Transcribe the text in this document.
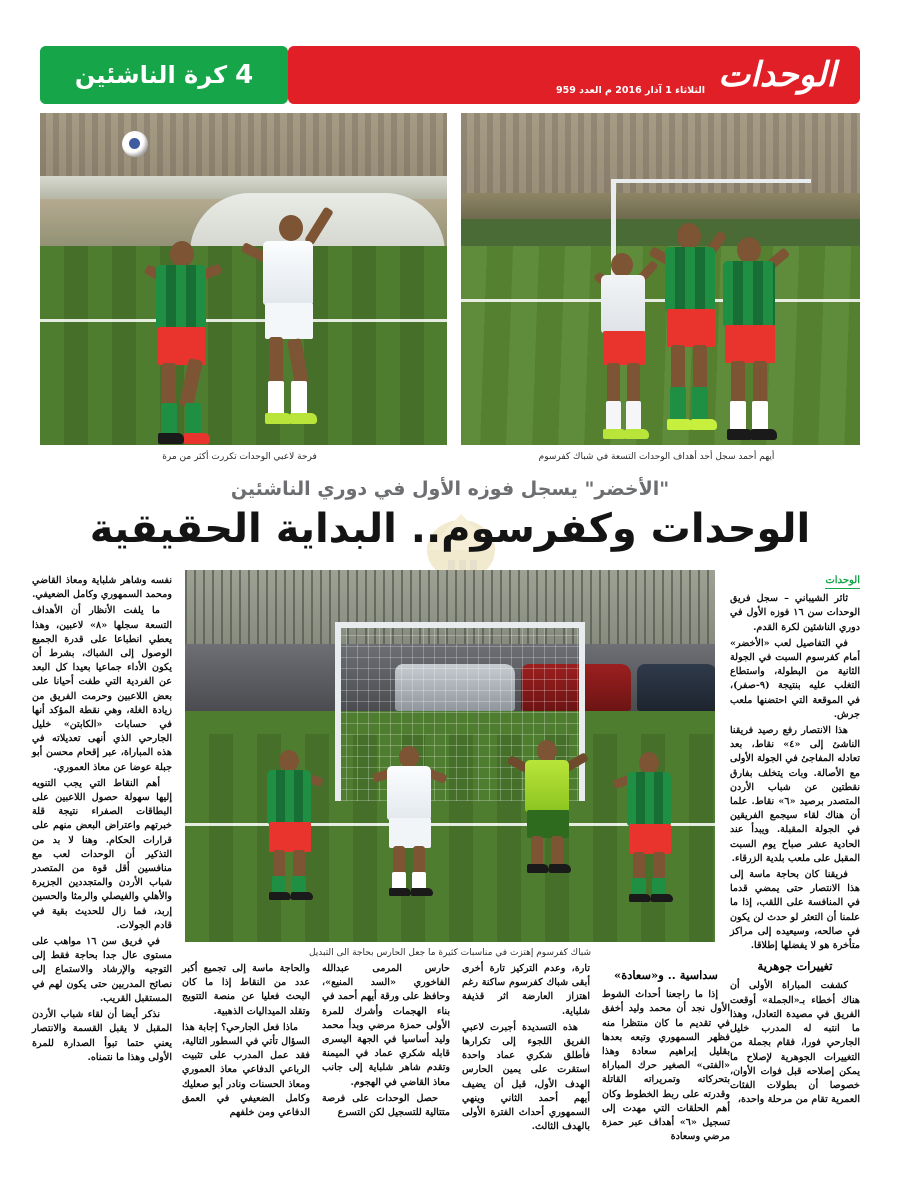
الوحدات
الثلاثاء 1 آذار 2016 م العدد 959
4
كرة الناشئين
فرحة لاعبي الوحدات تكررت أكثر من مرة	أيهم أحمد سجل أحد أهداف الوحدات التسعة في شباك كفرسوم
"الأخضر" يسجل فوزه الأول في دوري الناشئين
الوحدات وكفرسوم.. البداية الحقيقية
شباك كفرسوم إهتزت في مناسبات كثيرة ما جعل الحارس بحاجة الى التبديل
الوحدات

ثائر الشيباني – سجل فريق الوحدات سن ١٦ فوزه الأول في دوري الناشئين لكرة القدم.

في التفاصيل لعب «الأخضر» أمام كفرسوم السبت في الجولة الثانية من البطولة، واستطاع التغلب عليه بنتيجة (٩-صفر)، في الموقعة التي احتضنها ملعب جرش.

هذا الانتصار رفع رصيد فريقنا الناشئ إلى «٤» نقاط، بعد تعادله المفاجئ في الجولة الأولى مع الأصالة. وبات يتخلف بفارق نقطتين عن شباب الأردن المتصدر برصيد «٦» نقاط. علما أن هناك لقاء سيجمع الفريقين في الجولة المقبلة. ويبدأ عند الحادية عشر صباح يوم السبت المقبل على ملعب بلدية الزرقاء.

فريقنا كان بحاجة ماسة إلى هذا الانتصار حتى يمضي قدما في المنافسة على اللقب، إذا ما علمنا أن التعثر لو حدث لن يكون في صالحه، وسيعيده إلى مراكز متأخرة هو لا يفضلها إطلاقا.

تغييرات جوهرية

كشفت المباراة الأولى أن هناك أخطاء بـ«الجملة» أوقعت الفريق في مصيدة التعادل، وهذا ما انتبه له المدرب خليل الجارحي فورا، فقام بجملة من التغييرات الجوهرية لإصلاح ما يمكن إصلاحه قبل فوات الأوان، خصوصا أن بطولات الفئات العمرية تقام من مرحلة واحدة،

نفسه وشاهر شلباية ومعاذ القاضي ومحمد السمهوري وكامل الضعيفي.

ما يلفت الأنظار أن الأهداف التسعة سجلها «٨» لاعبين، وهذا يعطي انطباعا على قدرة الجميع الوصول إلى الشباك، بشرط أن يكون الأداء جماعيا بعيدا كل البعد عن الفردية التي طفت أحيانا على بعض اللاعبين وحرمت الفريق من زيادة الغلة، وهي نقطة المؤكد أنها في حسابات «الكابتن» خليل الجارحي الذي أنهى تعديلاته في هذه المباراة، عبر إقحام محسن أبو جبلة عوضا عن معاذ العموري.

أهم النقاط التي يجب التنويه إليها سهولة حصول اللاعبين على البطاقات الصفراء نتيجة قلة خبرتهم واعتراض البعض منهم على قرارات الحكام. وهنا لا بد من التذكير أن الوحدات لعب مع منافسين أقل قوة من المتصدر شباب الأردن والمتجددين الجزيرة والأهلي والفيصلي والرمثا والحسين إربد، فما زال للحديث بقية في قادم الجولات.

في فريق سن ١٦ مواهب على مستوى عال جدا بحاجة فقط إلى التوجيه والإرشاد والاستماع إلى نصائح المدربين حتى يكون لهم في المستقبل القريب.

نذكر أيضا أن لقاء شباب الأردن المقبل لا يقبل القسمة والانتصار يعني حتما تبوأ الصدارة للمرة الأولى وهذا ما نتمناه.

سداسية .. و«سعادة»

إذا ما راجعنا أحداث الشوط الأول نجد أن محمد وليد أخفق في تقديم ما كان منتظرا منه فظهر السمهوري وتبعه بعدها بقليل إبراهيم سعادة وهذا «الفتى» الصغير حرك المباراة بتحركاته وتمريراته القاتلة وقدرته على ربط الخطوط وكان أهم الحلقات التي مهدت إلى تسجيل «٦» أهداف عبر حمزة مرضي وسعادة

تارة، وعدم التركيز تارة أخرى أبقى شباك كفرسوم ساكنة رغم اهتزاز العارضة اثر قذيفة شلباية.

هذه التسديدة أجبرت لاعبي الفريق اللجوء إلى تكرارها فأطلق شكري عماد واحدة استقرت على يمين الحارس الهدف الأول، قبل أن يضيف أيهم أحمد الثاني وينهي السمهوري أحداث الفترة الأولى بالهدف الثالث.

حارس المرمى عبدالله الفاخوري «السد المنيع»، وحافظ على ورقة أيهم أحمد في بناء الهجمات وأشرك للمرة الأولى حمزة مرضي وبدأ محمد وليد أساسيا في الجهة اليسرى قابله شكري عماد في الميمنة وتقدم شاهر شلباية إلى جانب معاذ القاضي في الهجوم.

حصل الوحدات على فرصة متتالية للتسجيل لكن التسرع

والحاجة ماسة إلى تجميع أكبر عدد من النقاط إذا ما كان البحث فعليا عن منصة التتويج وتقلد الميداليات الذهبية.

ماذا فعل الجارحي؟ إجابة هذا السؤال تأتي في السطور التالية، فقد عمل المدرب على تثبيت الرباعي الدفاعي معاذ العموري ومعاذ الحسنات ونادر أبو صعليك وكامل الضعيفي في العمق الدفاعي ومن خلفهم
